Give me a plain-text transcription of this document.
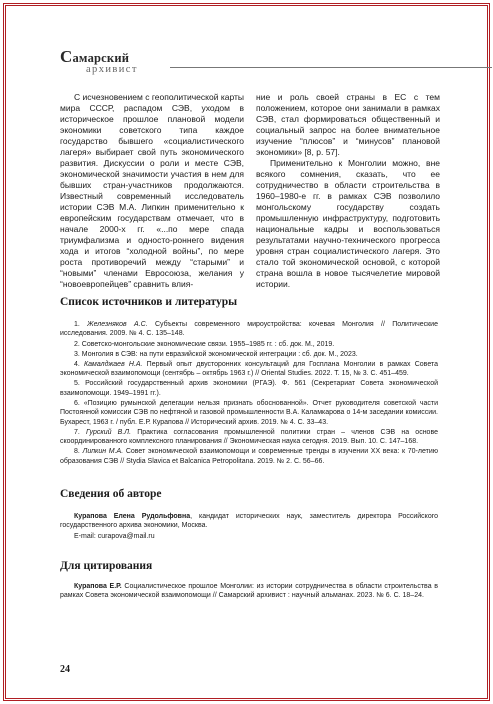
Самарский
архивист

С исчезновением с геополитической карты мира СССР, распадом СЭВ, уходом в историческое прошлое плановой модели экономики советского типа каждое государство бывшего «социалистического лагеря» выбирает свой путь экономического развития. Дискуссии о роли и месте СЭВ, экономической значимости участия в нем для бывших стран-участников продолжаются. Известный современный исследователь истории СЭВ М.А. Липкин применительно к европейским государствам отмечает, что в начале 2000-х гг. «...по мере спада триумфализма и односто-роннего видения хода и итогов “холодной войны”, по мере роста противоречий между “старыми” и “новыми” членами Евросоюза, желания у “новоевропейцев” сравнить влия-

ние и роль своей страны в ЕС с тем положением, которое они занимали в рамках СЭВ, стал формироваться общественный и социальный запрос на более внимательное изучение “плюсов” и “минусов” плановой экономики» [8, р. 57].

Применительно к Монголии можно, вне всякого сомнения, сказать, что ее сотрудничество в области строительства в 1960–1980-е гг. в рамках СЭВ позволило монгольскому государству создать промышленную инфраструктуру, подготовить национальные кадры и воспользоваться результатами научно-технического прогресса уровня стран социалистического лагеря. Это стало той экономической основой, с которой страна вошла в новое тысячелетие мировой истории.

Список источников и литературы
1. Железняков А.С. Субъекты современного мироустройства: кочевая Монголия // Политические исследования. 2009. № 4. С. 135–148.
2. Советско-монгольские экономические связи. 1955–1985 гг. : сб. док. М., 2019.
3. Монголия в СЭВ: на пути евразийской экономической интеграции : сб. док. М., 2023.
4. Камалджаев Н.А. Первый опыт двусторонних консультаций для Госплана Монголии в рамках Совета экономической взаимопомощи (сентябрь – октябрь 1963 г.) // Oriental Studies. 2022. Т. 15, № 3. С. 451–459.
5. Российский государственный архив экономики (РГАЭ). Ф. 561 (Секретариат Совета экономической взаимопомощи. 1949–1991 гг.).
6. «Позицию румынской делегации нельзя признать обоснованной». Отчет руководителя советской части Постоянной комиссии СЭВ по нефтяной и газовой промышленности В.А. Каламкарова о 14-м заседании комиссии. Бухарест, 1963 г. / публ. Е.Р. Курапова // Исторический архив. 2019. № 4. С. 33–43.
7. Гурский В.Л. Практика согласования промышленной политики стран – членов СЭВ на основе скоординированного комплексного планирования // Экономическая наука сегодня. 2019. Вып. 10. С. 147–168.
8. Липкин М.А. Совет экономической взаимопомощи и современные тренды в изучении XX века: к 70-летию образования СЭВ // Stydia Slavica et Balcanica Petropolitana. 2019. № 2. С. 56–66.
Сведения об авторе
Курапова Елена Рудольфовна, кандидат исторических наук, заместитель директора Российского государственного архива экономики, Москва.
E-mail: curapova@mail.ru
Для цитирования
Курапова Е.Р. Социалистическое прошлое Монголии: из истории сотрудничества в области строительства в рамках Совета экономической взаимопомощи // Самарский архивист : научный альманах. 2023. № 6. С. 18–24.
24
